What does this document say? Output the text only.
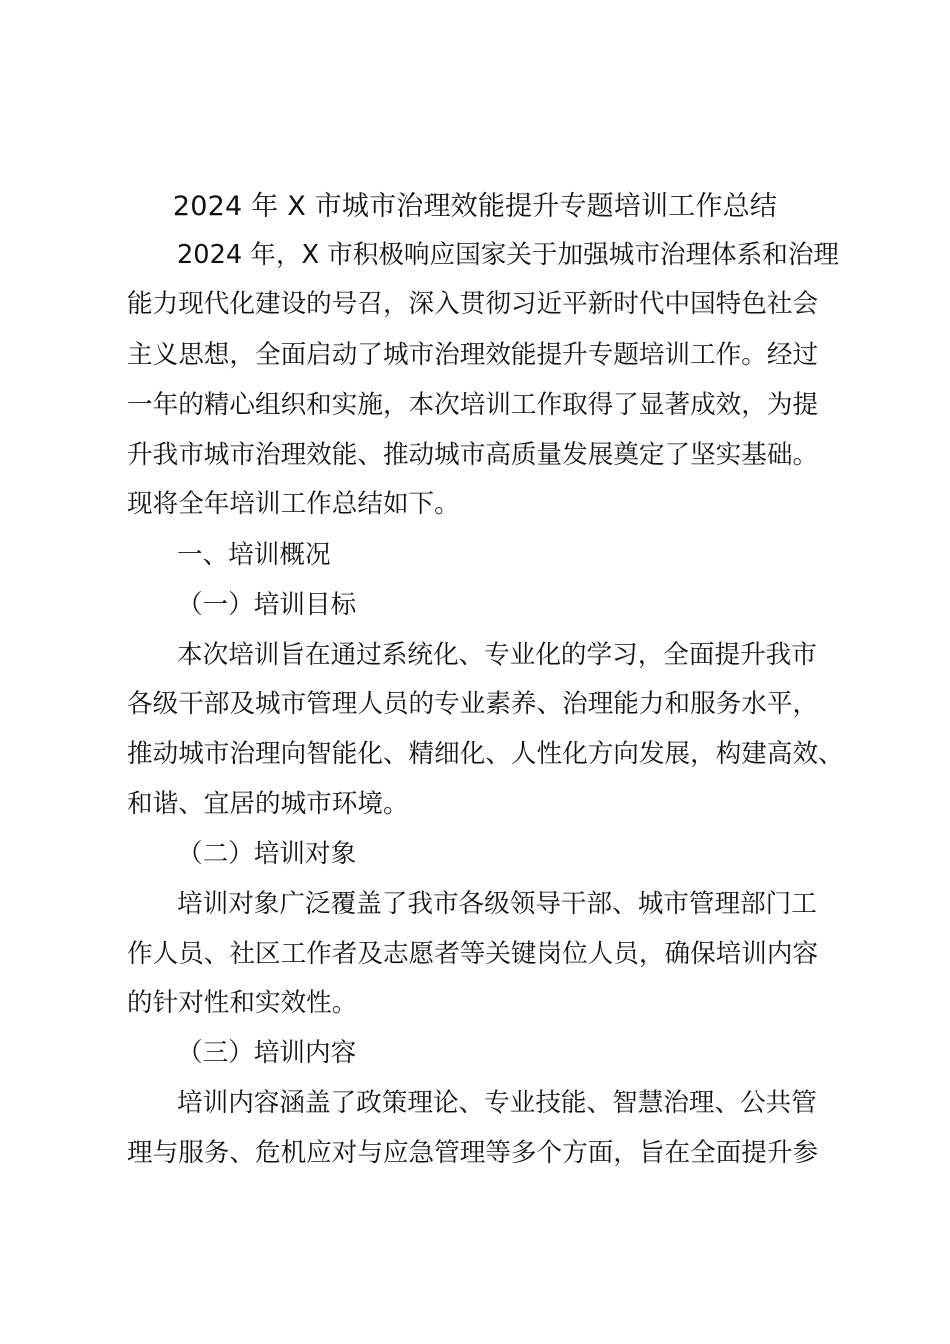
2024 年 X 市城市治理效能提升专题培训工作总结
2024 年，X 市积极响应国家关于加强城市治理体系和治理
能力现代化建设的号召，深入贯彻习近平新时代中国特色社会
主义思想，全面启动了城市治理效能提升专题培训工作。经过
一年的精心组织和实施，本次培训工作取得了显著成效，为提
升我市城市治理效能、推动城市高质量发展奠定了坚实基础。
现将全年培训工作总结如下。
一、培训概况
（一）培训目标
本次培训旨在通过系统化、专业化的学习，全面提升我市
各级干部及城市管理人员的专业素养、治理能力和服务水平，
推动城市治理向智能化、精细化、人性化方向发展，构建高效、
和谐、宜居的城市环境。
（二）培训对象
培训对象广泛覆盖了我市各级领导干部、城市管理部门工
作人员、社区工作者及志愿者等关键岗位人员，确保培训内容
的针对性和实效性。
（三）培训内容
培训内容涵盖了政策理论、专业技能、智慧治理、公共管
理与服务、危机应对与应急管理等多个方面，旨在全面提升参
